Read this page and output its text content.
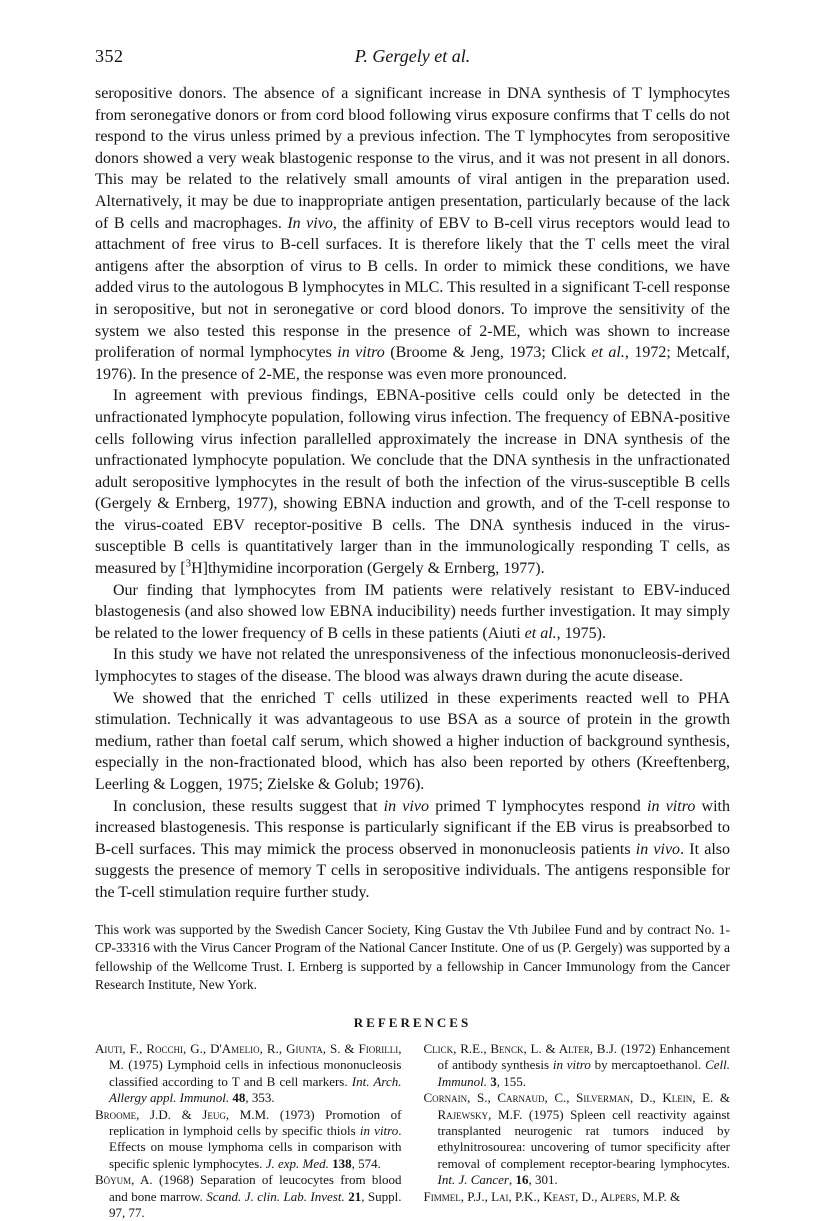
352	P. Gergely et al.

seropositive donors. The absence of a significant increase in DNA synthesis of T lymphocytes from seronegative donors or from cord blood following virus exposure confirms that T cells do not respond to the virus unless primed by a previous infection. The T lymphocytes from seropositive donors showed a very weak blastogenic response to the virus, and it was not present in all donors. This may be related to the relatively small amounts of viral antigen in the preparation used. Alternatively, it may be due to inappropriate antigen presentation, particularly because of the lack of B cells and macrophages. In vivo, the affinity of EBV to B-cell virus receptors would lead to attachment of free virus to B-cell surfaces. It is therefore likely that the T cells meet the viral antigens after the absorption of virus to B cells. In order to mimick these conditions, we have added virus to the autologous B lymphocytes in MLC. This resulted in a significant T-cell response in seropositive, but not in seronegative or cord blood donors. To improve the sensitivity of the system we also tested this response in the presence of 2-ME, which was shown to increase proliferation of normal lymphocytes in vitro (Broome & Jeng, 1973; Click et al., 1972; Metcalf, 1976). In the presence of 2-ME, the response was even more pronounced.

In agreement with previous findings, EBNA-positive cells could only be detected in the unfractionated lymphocyte population, following virus infection. The frequency of EBNA-positive cells following virus infection parallelled approximately the increase in DNA synthesis of the unfractionated lymphocyte population. We conclude that the DNA synthesis in the unfractionated adult seropositive lymphocytes in the result of both the infection of the virus-susceptible B cells (Gergely & Ernberg, 1977), showing EBNA induction and growth, and of the T-cell response to the virus-coated EBV receptor-positive B cells. The DNA synthesis induced in the virus-susceptible B cells is quantitatively larger than in the immunologically responding T cells, as measured by [$^3$H]thymidine incorporation (Gergely & Ernberg, 1977).

Our finding that lymphocytes from IM patients were relatively resistant to EBV-induced blastogenesis (and also showed low EBNA inducibility) needs further investigation. It may simply be related to the lower frequency of B cells in these patients (Aiuti et al., 1975).

In this study we have not related the unresponsiveness of the infectious mononucleosis-derived lymphocytes to stages of the disease. The blood was always drawn during the acute disease.

We showed that the enriched T cells utilized in these experiments reacted well to PHA stimulation. Technically it was advantageous to use BSA as a source of protein in the growth medium, rather than foetal calf serum, which showed a higher induction of background synthesis, especially in the non-fractionated blood, which has also been reported by others (Kreeftenberg, Leerling & Loggen, 1975; Zielske & Golub; 1976).

In conclusion, these results suggest that in vivo primed T lymphocytes respond in vitro with increased blastogenesis. This response is particularly significant if the EB virus is preabsorbed to B-cell surfaces. This may mimick the process observed in mononucleosis patients in vivo. It also suggests the presence of memory T cells in seropositive individuals. The antigens responsible for the T-cell stimulation require further study.

This work was supported by the Swedish Cancer Society, King Gustav the Vth Jubilee Fund and by contract No. 1-CP-33316 with the Virus Cancer Program of the National Cancer Institute. One of us (P. Gergely) was supported by a fellowship of the Wellcome Trust. I. Ernberg is supported by a fellowship in Cancer Immunology from the Cancer Research Institute, New York.

REFERENCES

Aiuti, F., Rocchi, G., D'Amelio, R., Giunta, S. & Fiorilli, M. (1975) Lymphoid cells in infectious mononucleosis classified according to T and B cell markers. Int. Arch. Allergy appl. Immunol. 48, 353.

Broome, J.D. & Jeug, M.M. (1973) Promotion of replication in lymphoid cells by specific thiols in vitro. Effects on mouse lymphoma cells in comparison with specific splenic lymphocytes. J. exp. Med. 138, 574.

Böyum, A. (1968) Separation of leucocytes from blood and bone marrow. Scand. J. clin. Lab. Invest. 21, Suppl. 97, 77.

Click, R.E., Benck, L. & Alter, B.J. (1972) Enhancement of antibody synthesis in vitro by mercaptoethanol. Cell. Immunol. 3, 155.

Cornain, S., Carnaud, C., Silverman, D., Klein, E. & Rajewsky, M.F. (1975) Spleen cell reactivity against transplanted neurogenic rat tumors induced by ethylnitrosourea: uncovering of tumor specificity after removal of complement receptor-bearing lymphocytes. Int. J. Cancer, 16, 301.

Fimmel, P.J., Lai, P.K., Keast, D., Alpers, M.P. &
